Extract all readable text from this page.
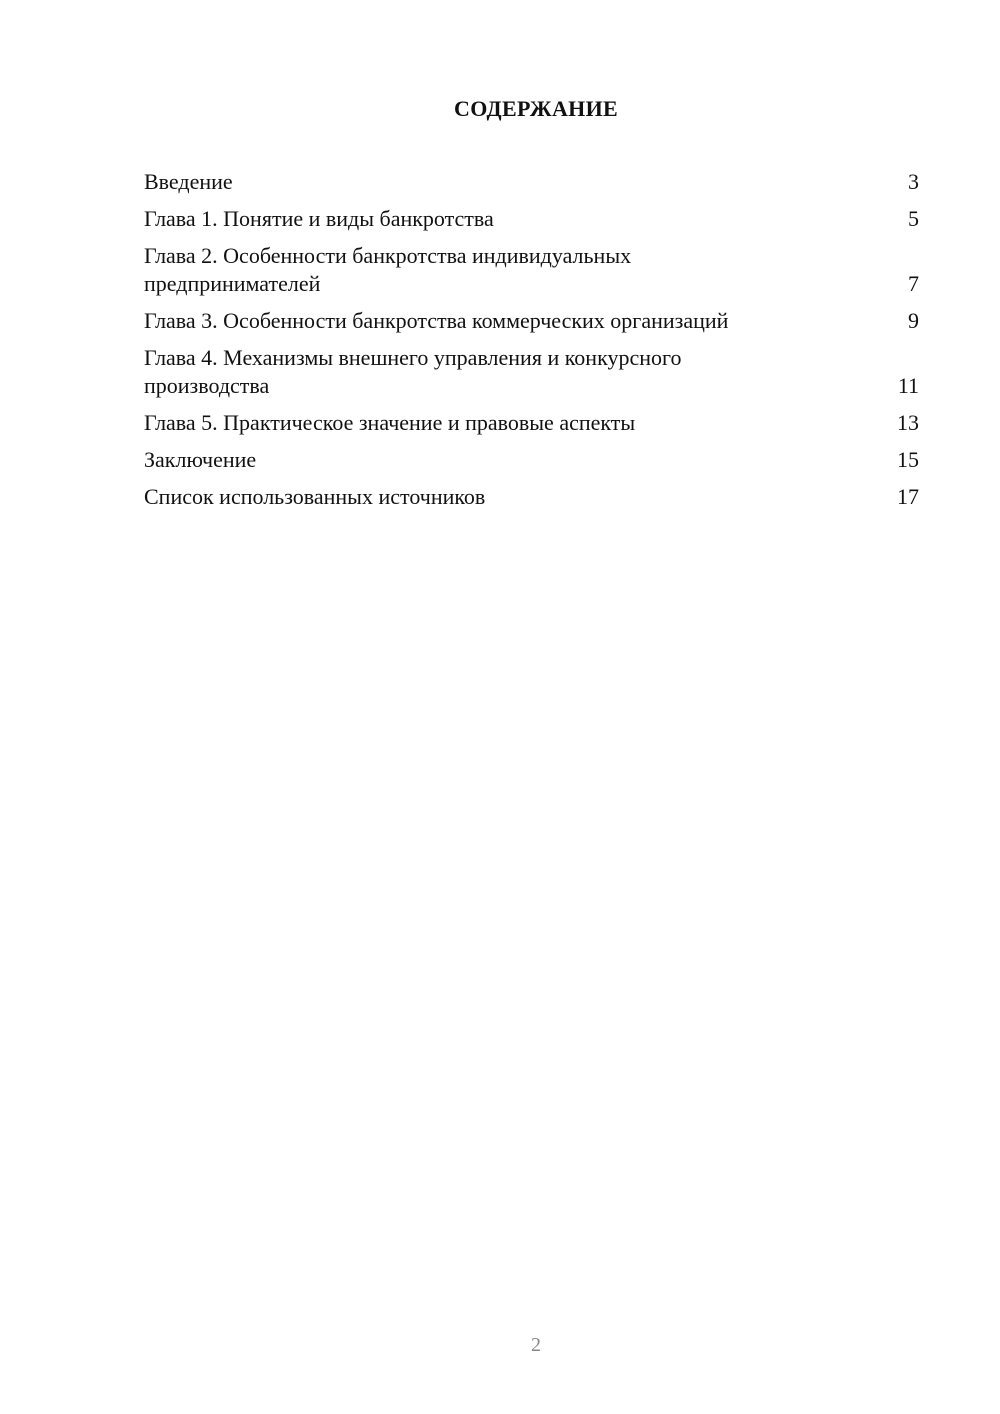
СОДЕРЖАНИЕ
Введение	3
Глава 1. Понятие и виды банкротства	5
Глава 2. Особенности банкротства индивидуальных предпринимателей	7
Глава 3. Особенности банкротства коммерческих организаций	9
Глава 4. Механизмы внешнего управления и конкурсного производства	11
Глава 5. Практическое значение и правовые аспекты	13
Заключение	15
Список использованных источников	17
2
